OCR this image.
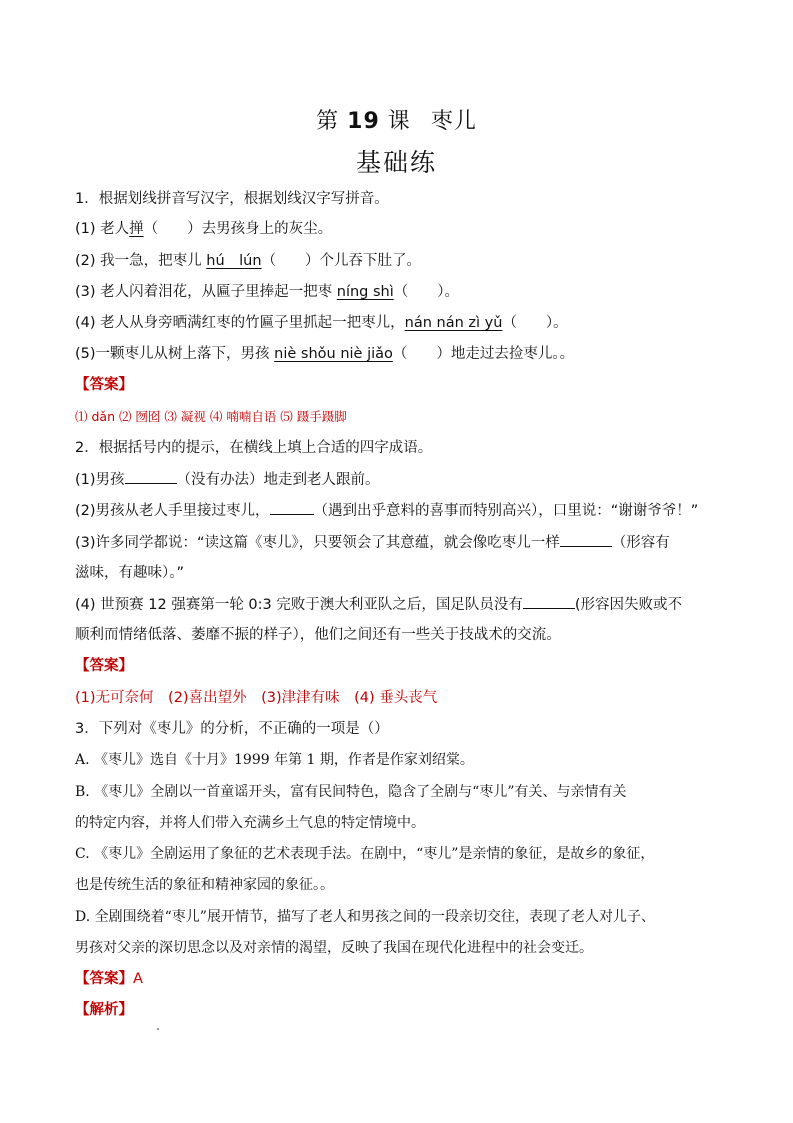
第 19 课 枣儿
基础练
1．根据划线拼音写汉字，根据划线汉字写拼音。
(1) 老人掸（　　）去男孩身上的灰尘。
(2) 我一急，把枣儿 hú　lún（　　）个儿吞下肚了。
(3) 老人闪着泪花，从匾子里捧起一把枣 níng shì（　　）。
(4) 老人从身旁晒满红枣的竹匾子里抓起一把枣儿，nán nán zì yǔ（　　）。
(5)一颗枣儿从树上落下，男孩 niè shǒu niè jiǎo（　　）地走过去捡枣儿。。
【答案】
⑴ dǎn ⑵ 囫囵 ⑶ 凝视 ⑷ 喃喃自语 ⑸ 蹑手蹑脚
2．根据括号内的提示，在横线上填上合适的四字成语。
(1)男孩	（没有办法）地走到老人跟前。
(2)男孩从老人手里接过枣儿，	（遇到出乎意料的喜事而特别高兴），口里说：“谢谢爷爷！”
(3)许多同学都说：“读这篇《枣儿》，只要领会了其意蕴，就会像吃枣儿一样	（形容有
滋味，有趣味）。”
(4) 世预赛 12 强赛第一轮 0:3 完败于澳大利亚队之后，国足队员没有	(形容因失败或不
顺利而情绪低落、萎靡不振的样子），他们之间还有一些关于技战术的交流。
【答案】
(1)无可奈何　(2)喜出望外　(3)津津有味　(4) 垂头丧气
3．下列对《枣儿》的分析，不正确的一项是（）
A. 《枣儿》选自《十月》1999 年第 1 期，作者是作家刘绍棠。
B. 《枣儿》全剧以一首童谣开头，富有民间特色，隐含了全剧与“枣儿”有关、与亲情有关
的特定内容，并将人们带入充满乡土气息的特定情境中。
C. 《枣儿》全剧运用了象征的艺术表现手法。在剧中，“枣儿”是亲情的象征，是故乡的象征，
也是传统生活的象征和精神家园的象征。。
D. 全剧围绕着“枣儿”展开情节，描写了老人和男孩之间的一段亲切交往，表现了老人对儿子、
男孩对父亲的深切思念以及对亲情的渴望，反映了我国在现代化进程中的社会变迁。
【答案】A
【解析】
